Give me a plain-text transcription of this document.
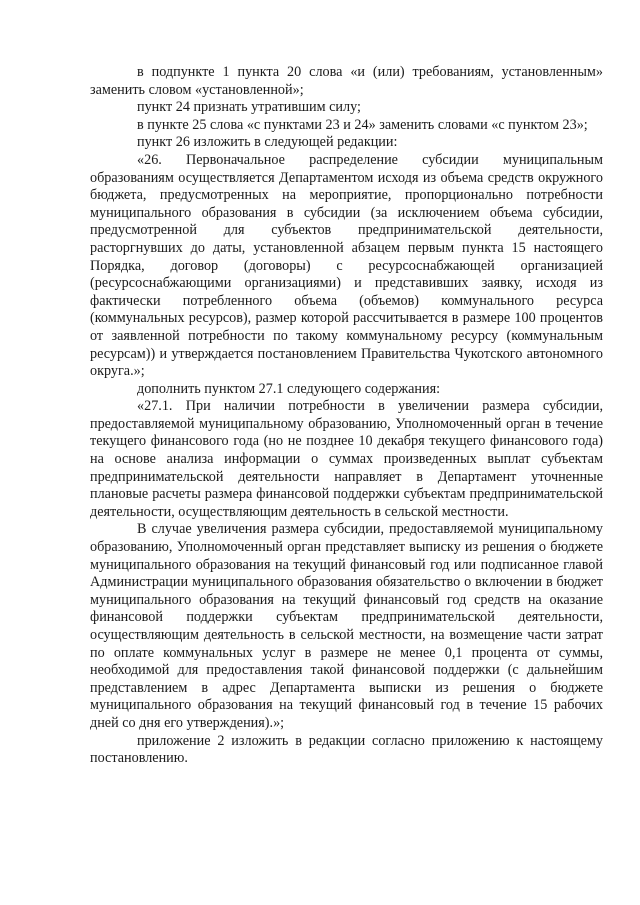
в подпункте 1 пункта 20 слова «и (или) требованиям, установленным» заменить словом «установленной»;

пункт 24 признать утратившим силу;

в пункте 25 слова «с пунктами 23 и 24» заменить словами «с пунктом 23»;

пункт 26 изложить в следующей редакции:

«26. Первоначальное распределение субсидии муниципальным образованиям осуществляется Департаментом исходя из объема средств окружного бюджета, предусмотренных на мероприятие, пропорционально потребности муниципального образования в субсидии (за исключением объема субсидии, предусмотренной для субъектов предпринимательской деятельности, расторгнувших до даты, установленной абзацем первым пункта 15 настоящего Порядка, договор (договоры) с ресурсоснабжающей организацией (ресурсоснабжающими организациями) и представивших заявку, исходя из фактически потребленного объема (объемов) коммунального ресурса (коммунальных ресурсов), размер которой рассчитывается в размере 100 процентов от заявленной потребности по такому коммунальному ресурсу (коммунальным ресурсам)) и утверждается постановлением Правительства Чукотского автономного округа.»;

дополнить пунктом 27.1 следующего содержания:

«27.1. При наличии потребности в увеличении размера субсидии, предоставляемой муниципальному образованию, Уполномоченный орган в течение текущего финансового года (но не позднее 10 декабря текущего финансового года) на основе анализа информации о суммах произведенных выплат субъектам предпринимательской деятельности направляет в Департамент уточненные плановые расчеты размера финансовой поддержки субъектам предпринимательской деятельности, осуществляющим деятельность в сельской местности.

В случае увеличения размера субсидии, предоставляемой муниципальному образованию, Уполномоченный орган представляет выписку из решения о бюджете муниципального образования на текущий финансовый год или подписанное главой Администрации муниципального образования обязательство о включении в бюджет муниципального образования на текущий финансовый год средств на оказание финансовой поддержки субъектам предпринимательской деятельности, осуществляющим деятельность в сельской местности, на возмещение части затрат по оплате коммунальных услуг в размере не менее 0,1 процента от суммы, необходимой для предоставления такой финансовой поддержки (с дальнейшим представлением в адрес Департамента выписки из решения о бюджете муниципального образования на текущий финансовый год в течение 15 рабочих дней со дня его утверждения).»;

приложение 2 изложить в редакции согласно приложению к настоящему постановлению.
